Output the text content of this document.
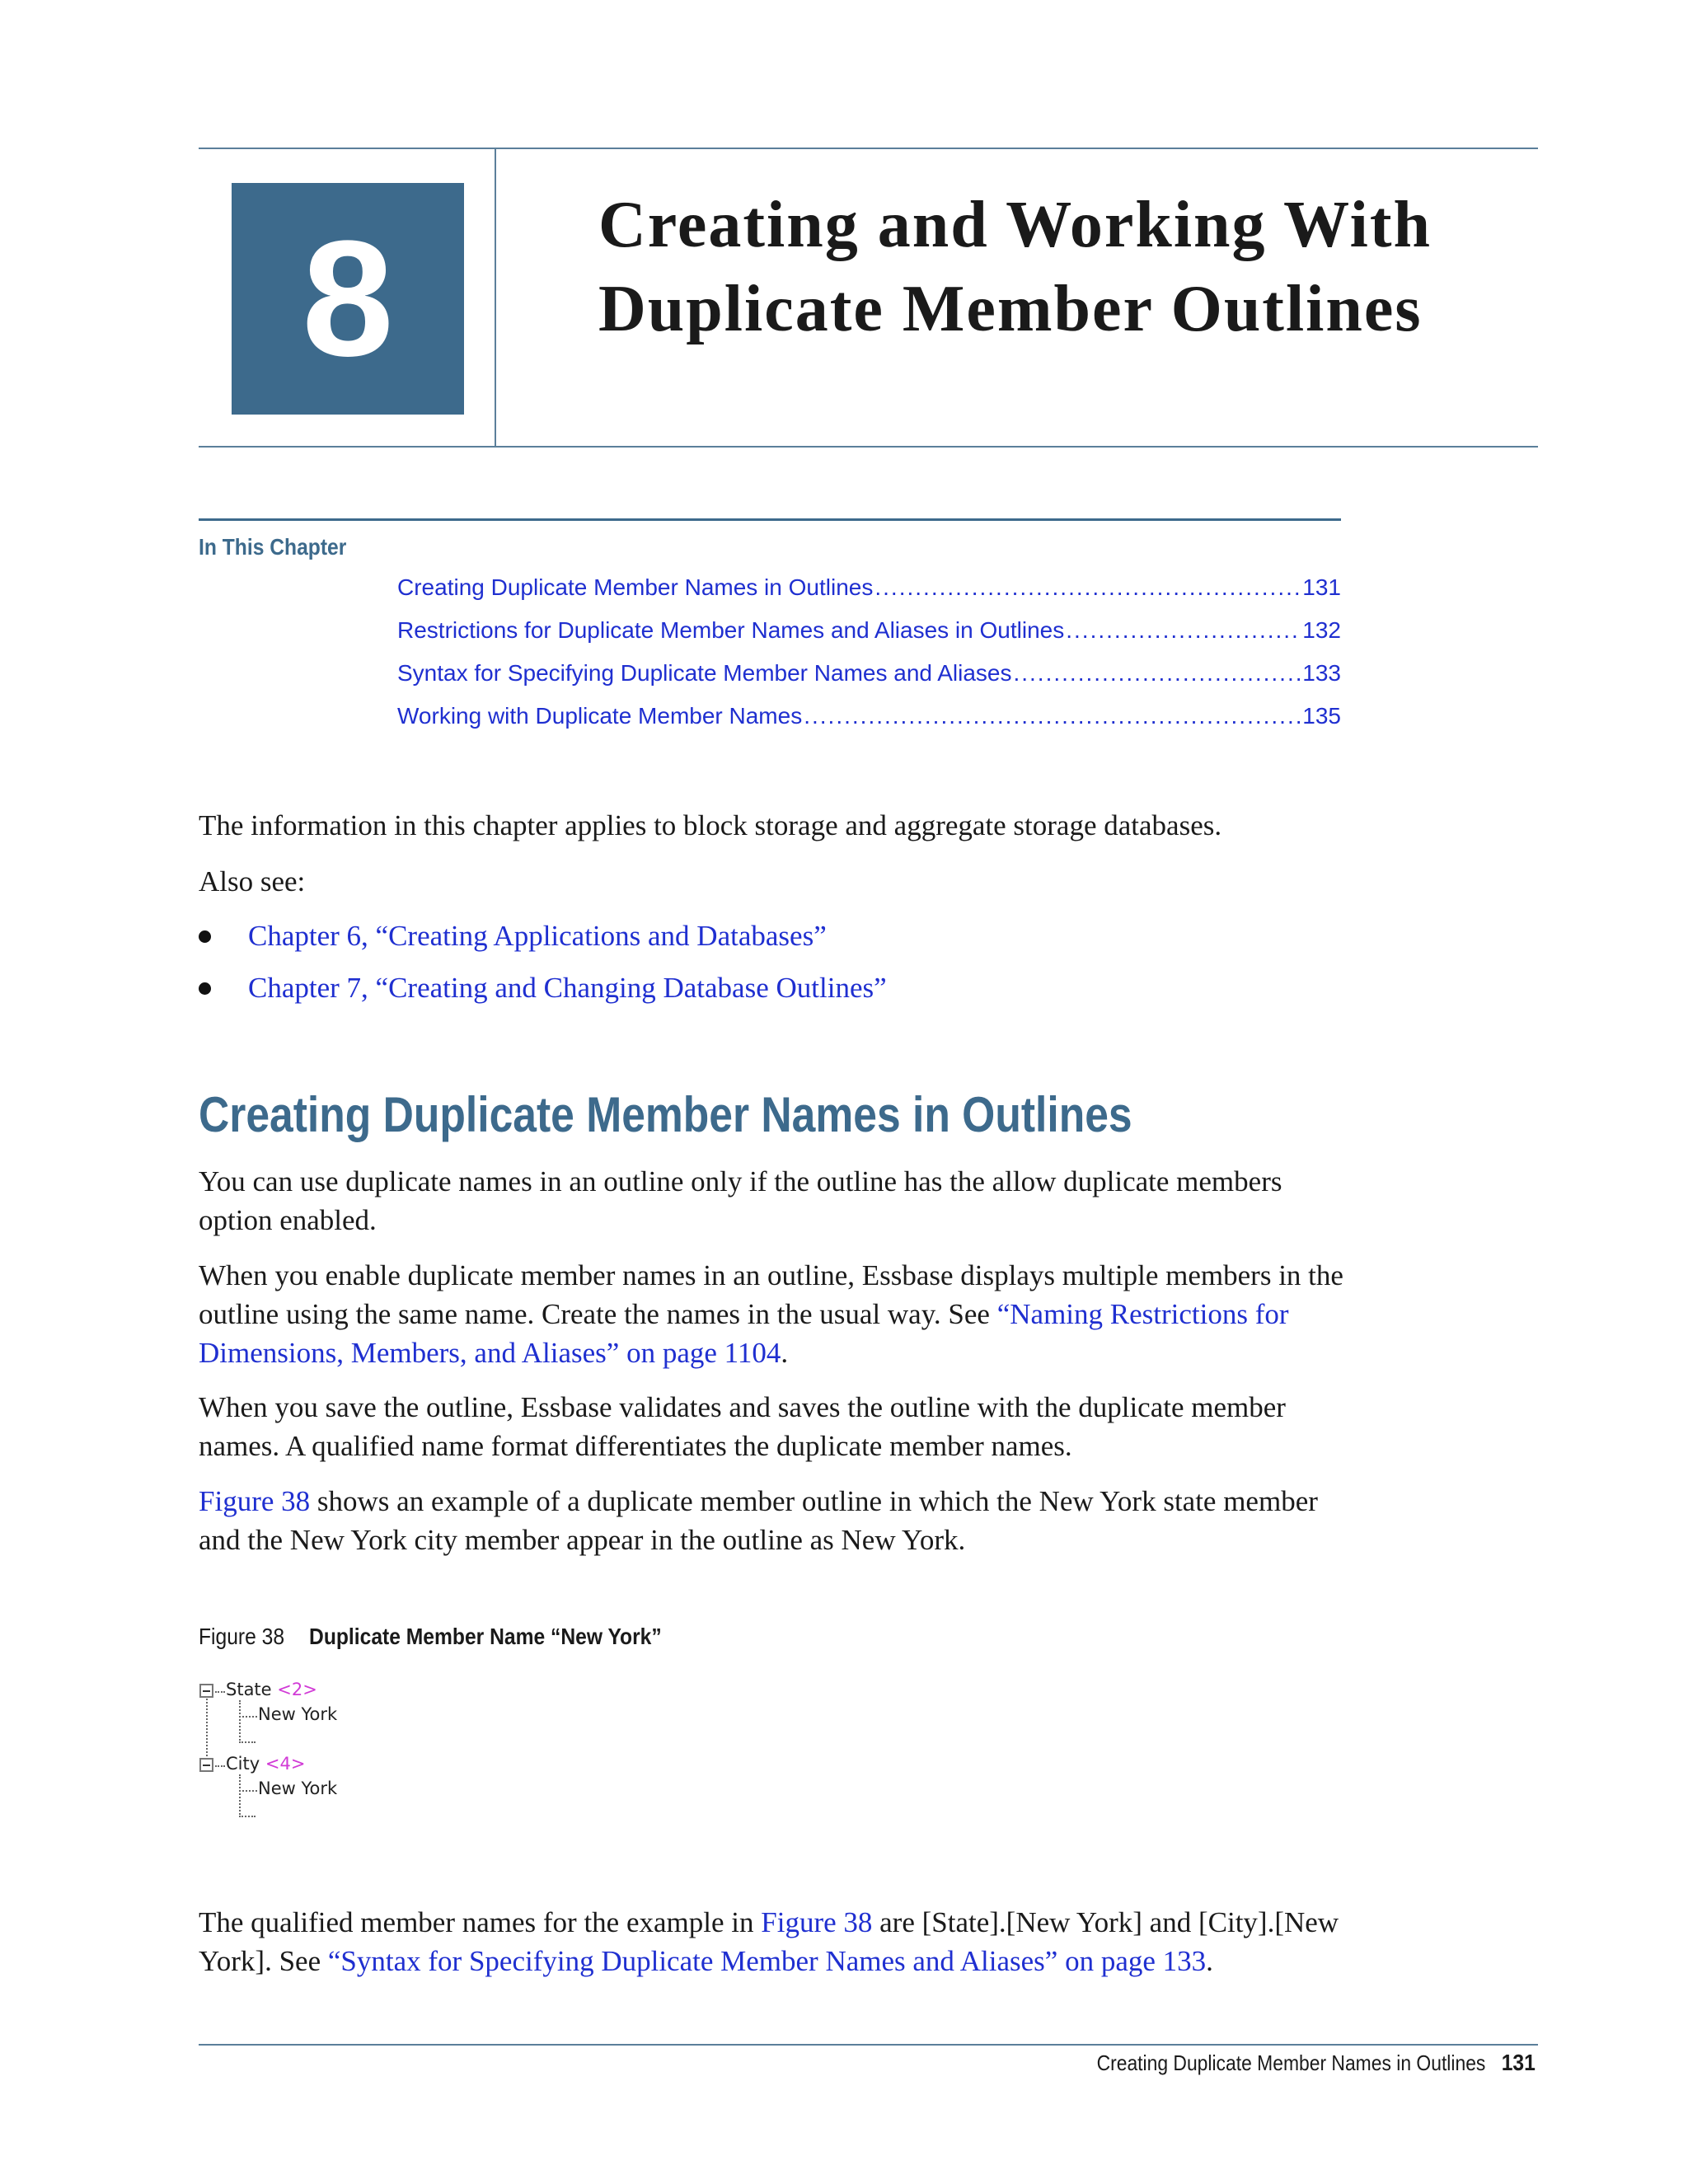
8	Creating and Working With
Duplicate Member Outlines
In This Chapter
Creating Duplicate Member Names in Outlines .....	131
Restrictions for Duplicate Member Names and Aliases in Outlines .....	132
Syntax for Specifying Duplicate Member Names and Aliases .....	133
Working with Duplicate Member Names .....	135
The information in this chapter applies to block storage and aggregate storage databases.
Also see:
Chapter 6, “Creating Applications and Databases”
Chapter 7, “Creating and Changing Database Outlines”
Creating Duplicate Member Names in Outlines
You can use duplicate names in an outline only if the outline has the allow duplicate members option enabled.
When you enable duplicate member names in an outline, Essbase displays multiple members in the outline using the same name. Create the names in the usual way. See “Naming Restrictions for Dimensions, Members, and Aliases” on page 1104.
When you save the outline, Essbase validates and saves the outline with the duplicate member names. A qualified name format differentiates the duplicate member names.
Figure 38 shows an example of a duplicate member outline in which the New York state member and the New York city member appear in the outline as New York.
Figure 38 Duplicate Member Name “New York”
State <2>
New York
City <4>
New York
The qualified member names for the example in Figure 38 are [State].[New York] and [City].[New York]. See “Syntax for Specifying Duplicate Member Names and Aliases” on page 133.
Creating Duplicate Member Names in Outlines 131
